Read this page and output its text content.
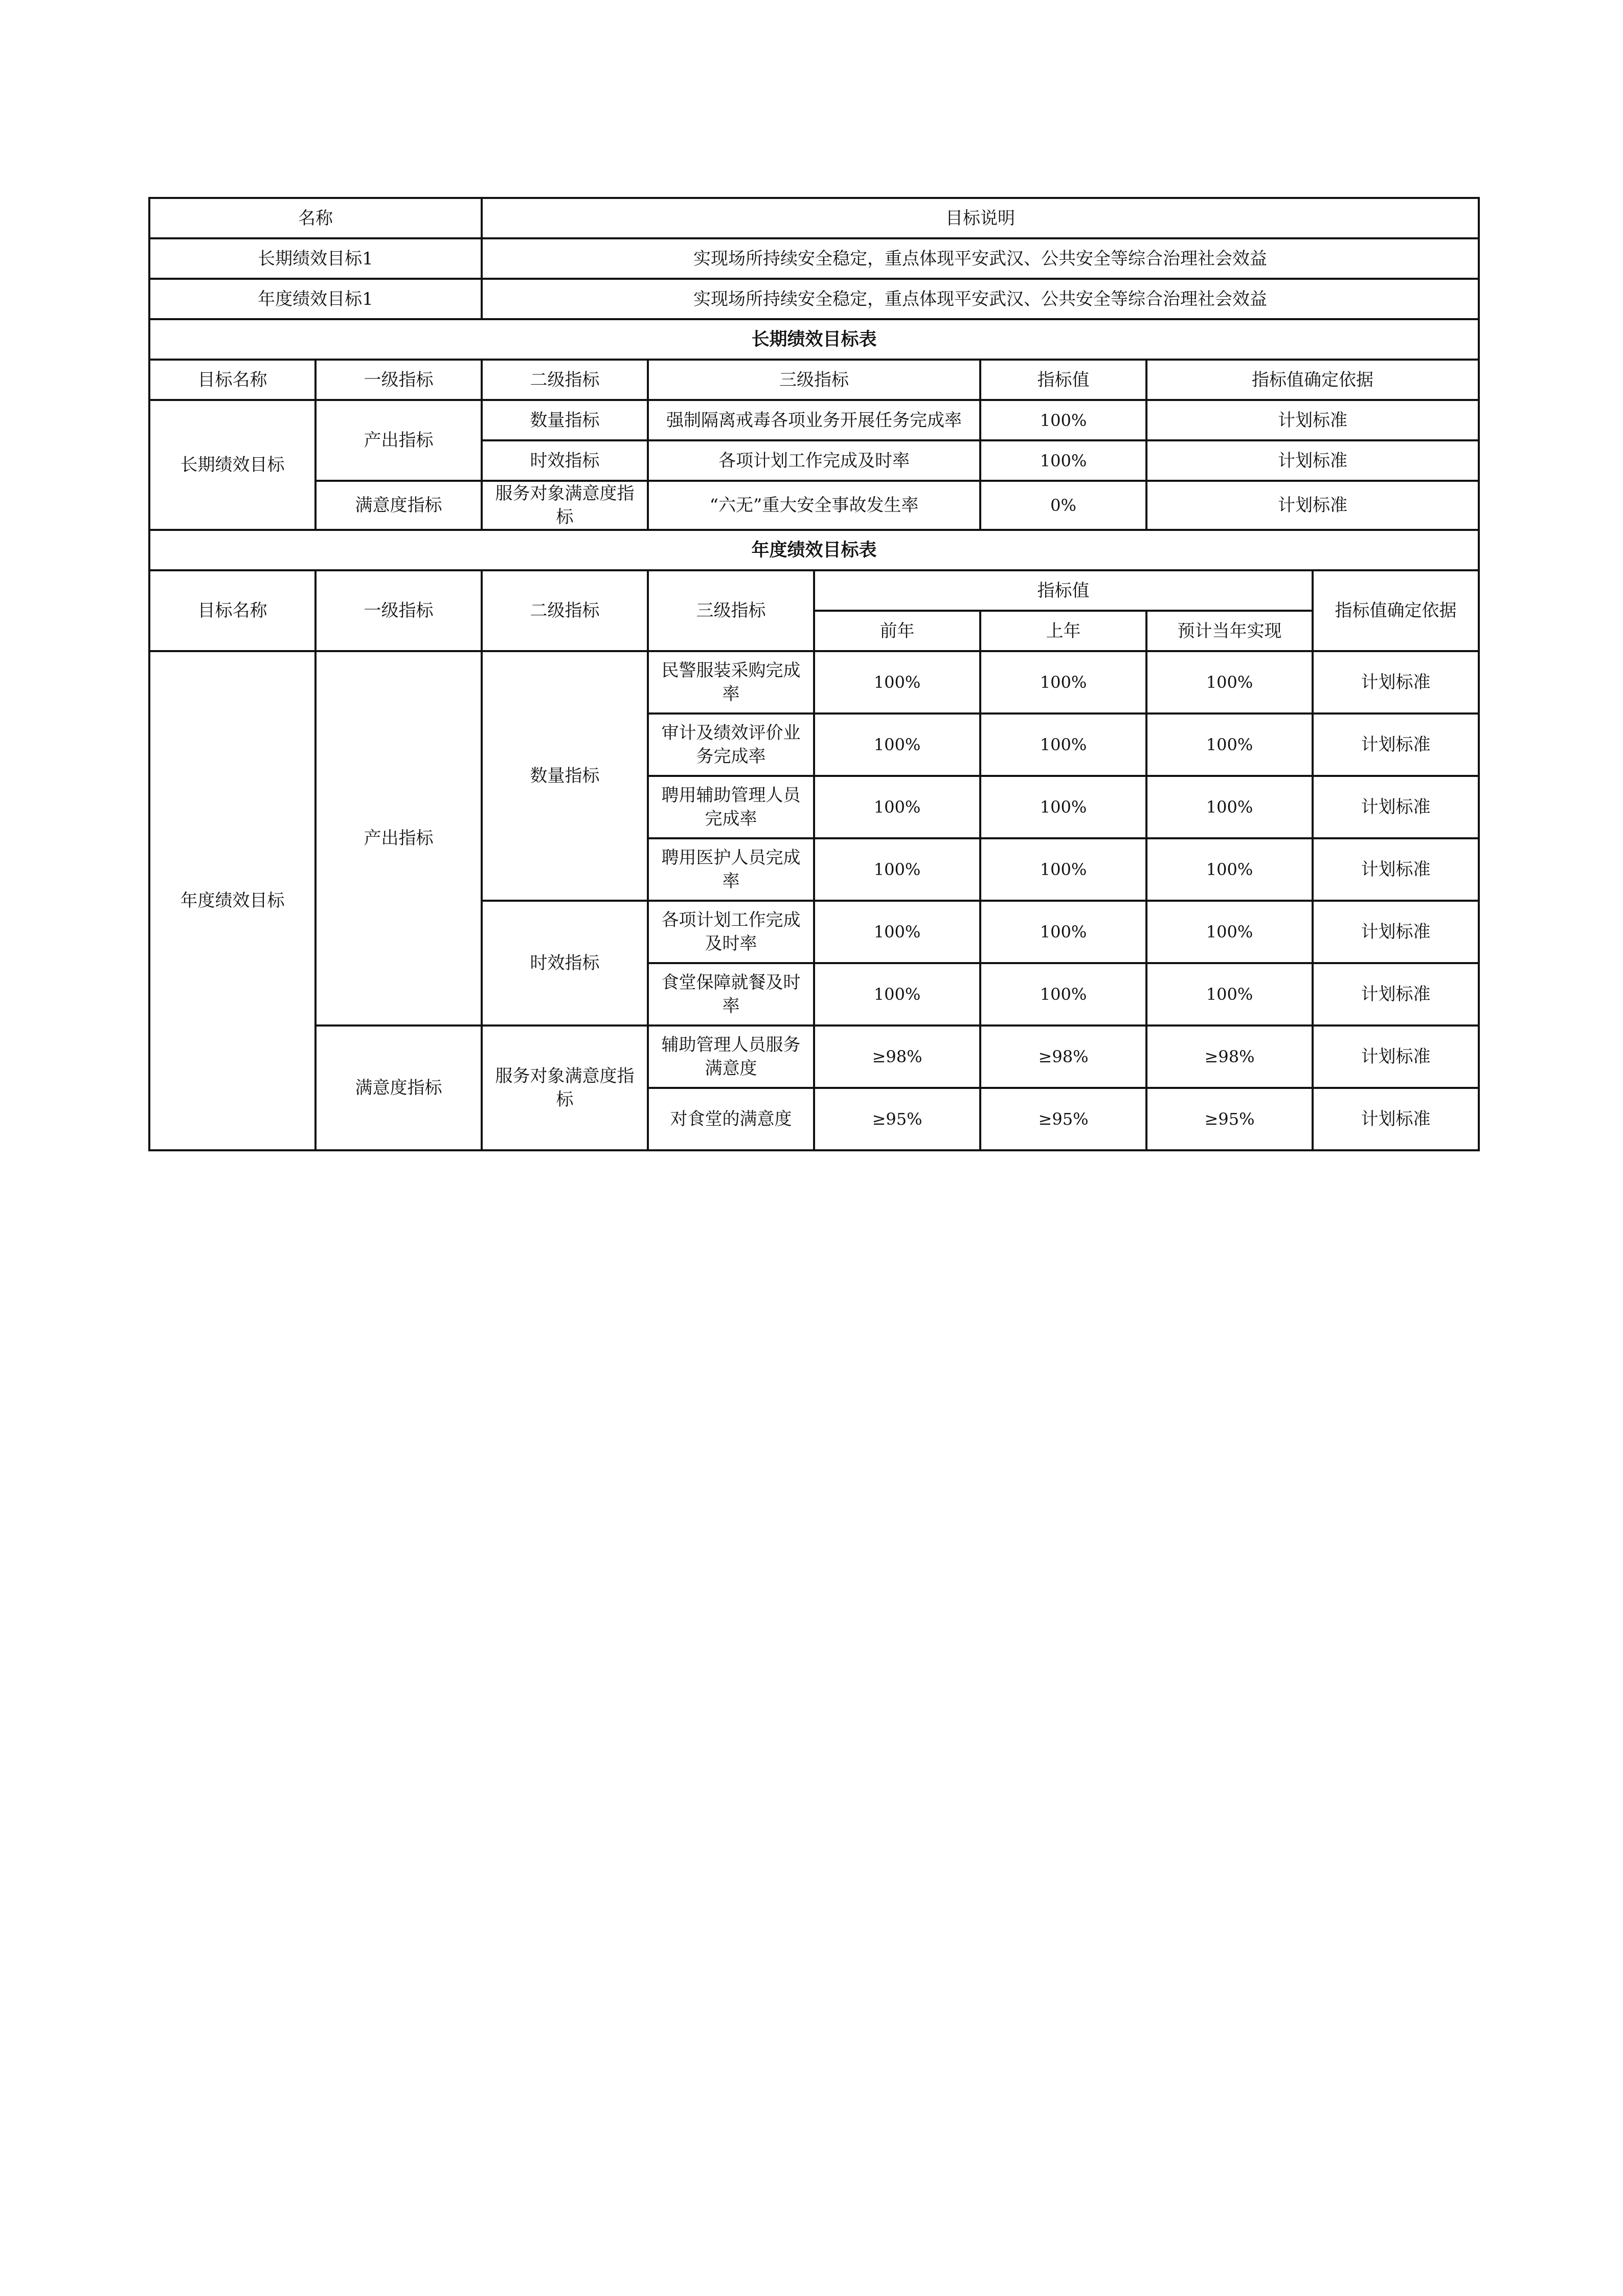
名称		目标说明					
长期绩效目标1		实现场所持续安全稳定，重点体现平安武汉、公共安全等综合治理社会效益					
年度绩效目标1		实现场所持续安全稳定，重点体现平安武汉、公共安全等综合治理社会效益					
长期绩效目标表							
目标名称	一级指标	二级指标	三级指标		指标值	指标值确定依据	
长期绩效目标	产出指标	数量指标	强制隔离戒毒各项业务开展任务完成率		100%	计划标准	
		时效指标	各项计划工作完成及时率		100%	计划标准	
	满意度指标	服务对象满意度指标	“六无”重大安全事故发生率		0%	计划标准	
年度绩效目标表							
目标名称	一级指标	二级指标	三级指标	指标值			指标值确定依据
				前年	上年	预计当年实现	
年度绩效目标	产出指标	数量指标	民警服装采购完成率	100%	100%	100%	计划标准
			审计及绩效评价业务完成率	100%	100%	100%	计划标准
			聘用辅助管理人员完成率	100%	100%	100%	计划标准
			聘用医护人员完成率	100%	100%	100%	计划标准
		时效指标	各项计划工作完成及时率	100%	100%	100%	计划标准
			食堂保障就餐及时率	100%	100%	100%	计划标准
	满意度指标	服务对象满意度指标	辅助管理人员服务满意度	≥98%	≥98%	≥98%	计划标准
			对食堂的满意度	≥95%	≥95%	≥95%	计划标准
